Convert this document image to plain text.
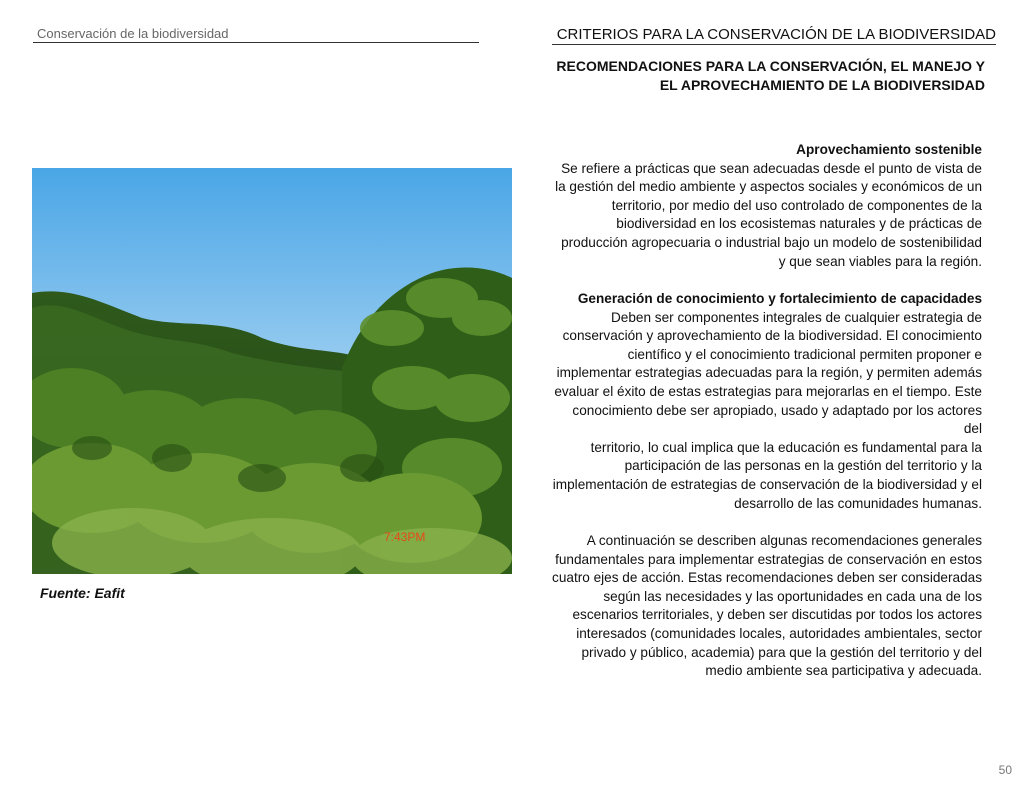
Conservación de la biodiversidad	CRITERIOS PARA LA CONSERVACIÓN DE LA BIODIVERSIDAD
RECOMENDACIONES PARA LA CONSERVACIÓN, EL MANEJO Y
EL APROVECHAMIENTO DE LA BIODIVERSIDAD
7:43PM
Fuente: Eafit
Aprovechamiento sostenible
Se refiere a prácticas que sean adecuadas desde el punto de vista de
la gestión del medio ambiente y aspectos sociales y económicos de un
territorio, por medio del uso controlado de componentes de la
biodiversidad en los ecosistemas naturales y de prácticas de
producción agropecuaria o industrial bajo un modelo de sostenibilidad
y que sean viables para la región.
Generación de conocimiento y fortalecimiento de capacidades
Deben ser componentes integrales de cualquier estrategia de
conservación y aprovechamiento de la biodiversidad. El conocimiento
científico y el conocimiento tradicional permiten proponer e
implementar estrategias adecuadas para la región, y permiten además
evaluar el éxito de estas estrategias para mejorarlas en el tiempo. Este
conocimiento debe ser apropiado, usado y adaptado por los actores del
territorio, lo cual implica que la educación es fundamental para la
participación de las personas en la gestión del territorio y la
implementación de estrategias de conservación de la biodiversidad y el
desarrollo de las comunidades humanas.
A continuación se describen algunas recomendaciones generales
fundamentales para implementar estrategias de conservación en estos
cuatro ejes de acción. Estas recomendaciones deben ser consideradas
según las necesidades y las oportunidades en cada una de los
escenarios territoriales, y deben ser discutidas por todos los actores
interesados (comunidades locales, autoridades ambientales, sector
privado y público, academia) para que la gestión del territorio y del
medio ambiente sea participativa y adecuada.
50
